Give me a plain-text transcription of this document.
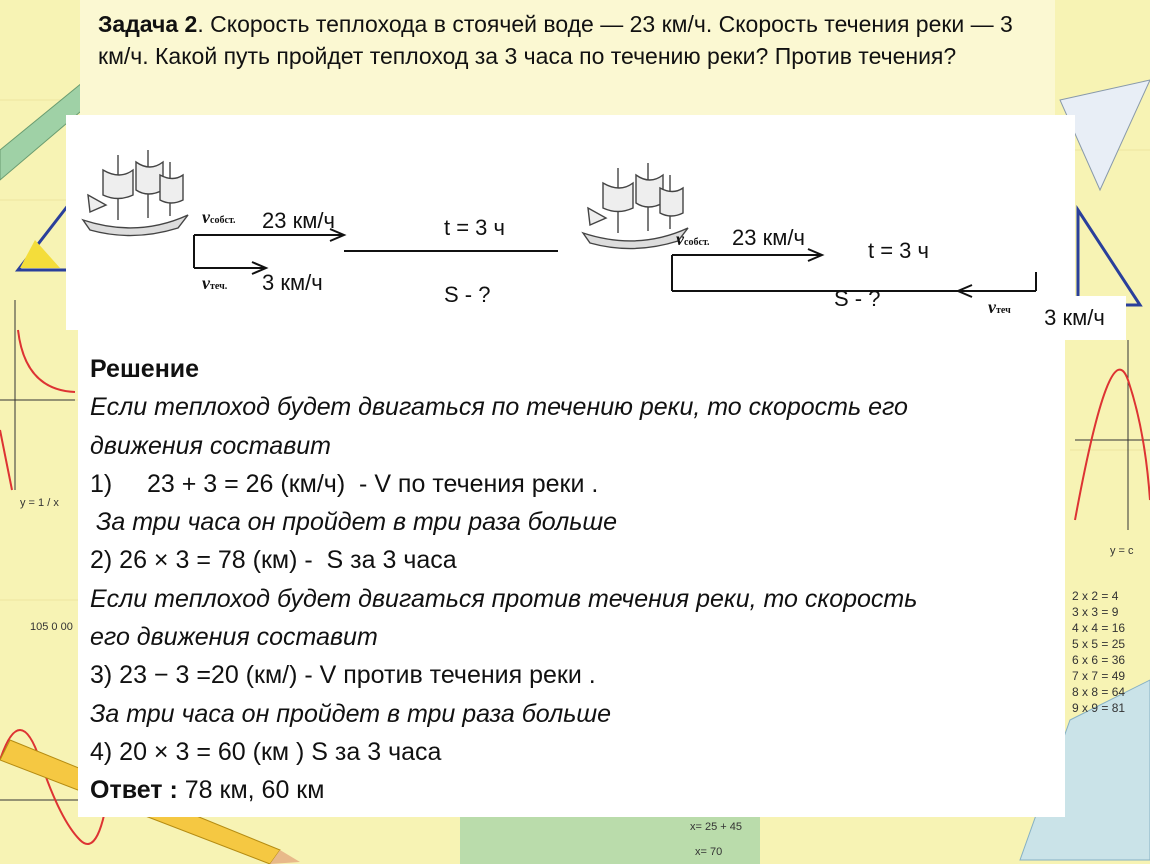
y = 1 / x
105 0 00
y = c
x= 25 + 45
x= 70
2 x 2 = 4
3 x 3 = 9
4 x 4 = 16
5 x 5 = 25
6 x 6 = 36
7 x 7 = 49
8 x 8 = 64
9 x 9 = 81
Задача 2. Скорость теплохода в стоячей воде — 23 км/ч. Скорость течения реки — 3 км/ч. Какой путь пройдет теплоход за 3 часа по течению реки? Против течения?
vсобст. 23 км/ч
vтеч. 3 км/ч
t = 3 ч
S - ?
vсобст. 23 км/ч
t = 3 ч
S - ?	vтеч	3 км/ч
Решение
Если теплоход будет двигаться по течению реки, то скорость его
движения составит
1)     23 + 3 = 26 (км/ч)  - V по течения реки .
За три часа он пройдет в три раза больше
2) 26 × 3 = 78 (км) -  S за 3 часа
Если теплоход будет двигаться против течения реки, то скорость
его движения составит
3) 23 − 3 =20 (км/) - V против течения реки .
За три часа он пройдет в три раза больше
4) 20 × 3 = 60 (км ) S за 3 часа
Ответ : 78 км, 60 км
